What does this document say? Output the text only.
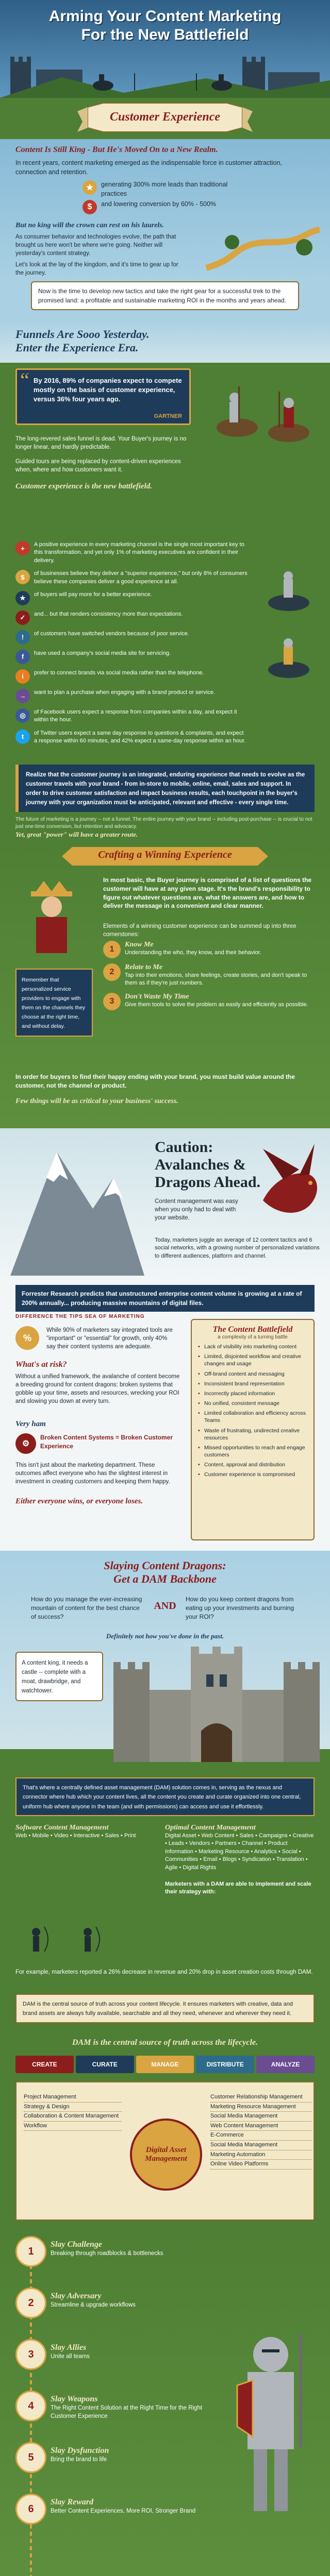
Arming Your Content Marketing
For the New Battlefield
Customer Experience
Content Is Still King - But He's Moved On to a New Realm.
In recent years, content marketing emerged as the indispensable force in customer attraction, connection and retention.
★	generating 300% more leads than traditional practices
$	and lowering conversion by 60% - 500%
But no king will the crown can rest on his laurels.
As consumer behavior and technologies evolve, the path that brought us here won't be where we're going. Neither will yesterday's content strategy.
Let's look at the lay of the kingdom, and it's time to gear up for the journey.
Now is the time to develop new tactics and take the right gear for a successful trek to the promised land: a profitable and sustainable marketing ROI in the months and years ahead.
Funnels Are Sooo Yesterday.
Enter the Experience Era.
“ By 2016, 89% of companies expect to compete mostly on the basis of customer experience, versus 36% four years ago.
GARTNER
The long-revered sales funnel is dead. Your Buyer's journey is no longer linear, and hardly predictable.
Guided tours are being replaced by content-driven experiences when, where and how customers want it.
Customer experience is the new battlefield.
+	A positive experience in every marketing channel is the single most important key to this transformation, and yet only 1% of marketing executives are confident in their delivery.
$	of businesses believe they deliver a "superior experience," but only 8% of consumers believe these companies deliver a good experience at all.
★	of buyers will pay more for a better experience.
✓	and... but that renders consistency more than expectations.
!	of customers have switched vendors because of poor service.
f	have used a company's social media site for servicing.
i	prefer to connect brands via social media rather than the telephone.
→	want to plan a purchase when engaging with a brand product or service.
◎	of Facebook users expect a response from companies within a day, and expect it within the hour.
t	of Twitter users expect a same day response to questions & complaints, and expect a response within 60 minutes, and 42% expect a same-day response within an hour.
Realize that the customer journey is an integrated, enduring experience that needs to evolve as the customer travels with your brand - from in-store to mobile, online, email, sales and support. In order to drive customer satisfaction and impact business results, each touchpoint in the buyer's journey with your organization must be anticipated, relevant and effective - every single time.
The future of marketing is a journey -- not a funnel. The entire journey with your brand -- including post-purchase -- is crucial to not just one-time conversion, but retention and advocacy.
Yet, great "power" will have a greater route.
Crafting a Winning Experience
In most basic, the Buyer journey is comprised of a list of questions the customer will have at any given stage. It's the brand's responsibility to figure out whatever questions are, what the answers are, and how to deliver the message in a convenient and clear manner.
Elements of a winning customer experience can be summed up into three cornerstones:
1
Know Me
Understanding the who, they know, and their behavior.
2
Relate to Me
Tap into their emotions, share feelings, create stories, and don't speak to them as if they're just numbers.
3
Don't Waste My Time
Give them tools to solve the problem as easily and efficiently as possible.
Remember that personalized service providers to engage with them on the channels they choose at the right time, and without delay.
In order for buyers to find their happy ending with your brand, you must build value around the customer, not the channel or product.
Few things will be as critical to your business' success.
Caution:
Avalanches &
Dragons Ahead.
Content management was easy when you only had to deal with your website.
Today, marketers juggle an average of 12 content tactics and 6 social networks, with a growing number of personalized variations to different audiences, platform and channel.
Forrester Research predicts that unstructured enterprise content volume is growing at a rate of 200% annually... producing massive mountains of digital files.
DIFFERENCE THE TIPS SEA OF MARKETING
While 90% of marketers say integrated tools are "important" or "essential" for growth, only 40% say their content systems are adequate.
%
What's at risk?
Without a unified framework, the avalanche of content become a breeding ground for content dragons: broken systems that gobble up your time, assets and resources, wrecking your ROI and slowing you down at every turn.
Very ham
⚙
Broken Content Systems = Broken Customer Experience
This isn't just about the marketing department. These outcomes affect everyone who has the slightest interest in investment in creating customers and keeping them happy.
Either everyone wins, or everyone loses.
The Content Battlefield
a complexity of a turning battle
• Lack of visibility into marketing content
• Limited, disjointed workflow and creative changes and usage
• Off-brand content and messaging
• Inconsistent brand representation
• Incorrectly placed information
• No unified, consistent message
• Limited collaboration and efficiency across Teams
• Waste of frustrating, undirected creative resources
• Missed opportunities to reach and engage customers
• Content, approval and distribution
• Customer experience is compromised
Slaying Content Dragons:
Get a DAM Backbone
How do you manage the ever-increasing mountain of content for the best chance of success?
AND
How do you keep content dragons from eating up your investments and burning your ROI?
Definitely not how you've done in the past.
A content king, it needs a castle -- complete with a moat, drawbridge, and watchtower.
That's where a centrally defined asset management (DAM) solution comes in, serving as the nexus and connector where hub which your content lives, all the content you create and curate organized into one central, uniform hub where anyone in the team (and with permissions) can access and use it effortlessly.
Software Content Management
Web • Mobile • Video • Interactive • Sales • Print
Optimal Content Management
Digital Asset • Web Content • Sales • Campaigns • Creative • Leads • Vendors • Partners • Channel • Product Information • Marketing Resource • Analytics • Social • Communities • Email • Blogs • Syndication • Translation • Agile • Digital Rights
Marketers with a DAM are able to implement and scale their strategy with:
For example, marketers reported a 26% decrease in revenue and 20% drop in asset creation costs through DAM.
DAM is the central source of truth across your content lifecycle. It ensures marketers with creative, data and brand assets are always fully available, searchable and all they need, whenever and wherever they need it.
DAM is the central source of truth across the lifecycle.
CREATE	CURATE	MANAGE	DISTRIBUTE	ANALYZE
Project Management
Strategy & Design
Collaboration & Content Management
Workflow
Digital Asset Management
Customer Relationship Management
Marketing Resource Management
Social Media Management
Web Content Management
E-Commerce
Social Media Management
Marketing Automation
Online Video Platforms
1
Slay Challenge
Breaking through roadblocks & bottlenecks
2
Slay Adversary
Streamline & upgrade workflows
3
Slay Allies
Unite all teams
4
Slay Weapons
The Right Content Solution at the Right Time for the Right Customer Experience
5
Slay Dysfunction
Bring the brand to life
6
Slay Reward
Better Content Experiences, More ROI, Stronger Brand
